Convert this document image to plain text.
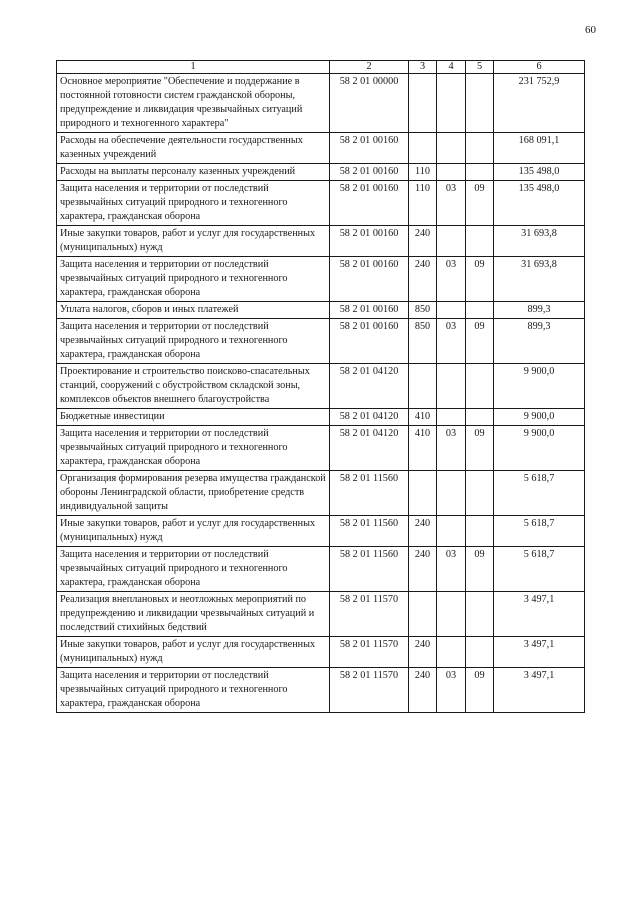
60
1	2	3	4	5	6
Основное мероприятие "Обеспечение и поддержание в постоянной готовности систем гражданской обороны, предупреждение и ликвидация чрезвычайных ситуаций природного и техногенного характера"	58 2 01 00000				231 752,9
Расходы на обеспечение деятельности государственных казенных учреждений	58 2 01 00160				168 091,1
Расходы на выплаты персоналу казенных учреждений	58 2 01 00160	110			135 498,0
Защита населения и территории от последствий чрезвычайных ситуаций природного и техногенного характера, гражданская оборона	58 2 01 00160	110	03	09	135 498,0
Иные закупки товаров, работ и услуг для государственных (муниципальных) нужд	58 2 01 00160	240			31 693,8
Защита населения и территории от последствий чрезвычайных ситуаций природного и техногенного характера, гражданская оборона	58 2 01 00160	240	03	09	31 693,8
Уплата налогов, сборов и иных платежей	58 2 01 00160	850			899,3
Защита населения и территории от последствий чрезвычайных ситуаций природного и техногенного характера, гражданская оборона	58 2 01 00160	850	03	09	899,3
Проектирование и строительство поисково-спасательных станций, сооружений с обустройством складской зоны, комплексов объектов внешнего благоустройства	58 2 01 04120				9 900,0
Бюджетные инвестиции	58 2 01 04120	410			9 900,0
Защита населения и территории от последствий чрезвычайных ситуаций природного и техногенного характера, гражданская оборона	58 2 01 04120	410	03	09	9 900,0
Организация формирования резерва имущества гражданской обороны Ленинградской области, приобретение средств индивидуальной защиты	58 2 01 11560				5 618,7
Иные закупки товаров, работ и услуг для государственных (муниципальных) нужд	58 2 01 11560	240			5 618,7
Защита населения и территории от последствий чрезвычайных ситуаций природного и техногенного характера, гражданская оборона	58 2 01 11560	240	03	09	5 618,7
Реализация внеплановых и неотложных мероприятий по предупреждению и ликвидации чрезвычайных ситуаций и последствий стихийных бедствий	58 2 01 11570				3 497,1
Иные закупки товаров, работ и услуг для государственных (муниципальных) нужд	58 2 01 11570	240			3 497,1
Защита населения и территории от последствий чрезвычайных ситуаций природного и техногенного характера, гражданская оборона	58 2 01 11570	240	03	09	3 497,1
